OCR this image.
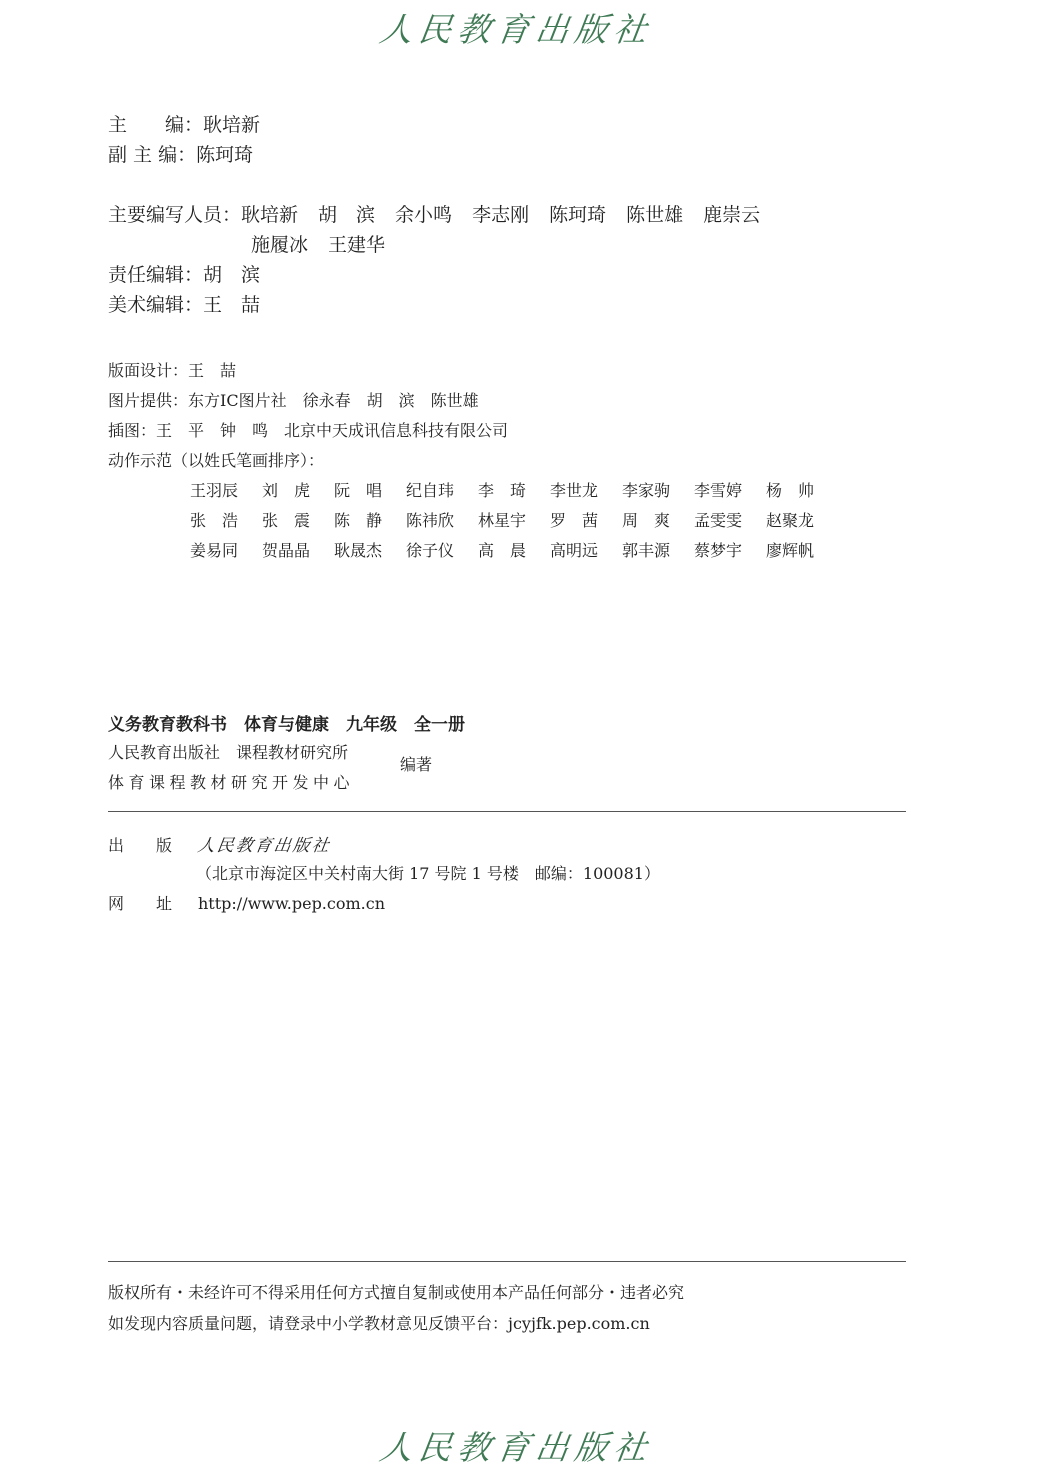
人民教育出版社
主　　编：耿培新
副 主 编：陈珂琦
主要编写人员：耿培新 胡　滨 余小鸣 李志刚 陈珂琦 陈世雄 鹿崇云
施履冰 王建华
责任编辑：胡　滨
美术编辑：王　喆
版面设计：王　喆
图片提供：东方IC图片社　徐永春　胡　滨　陈世雄
插图：王　平　钟　鸣　北京中天成讯信息科技有限公司
动作示范（以姓氏笔画排序）：
王羽辰 刘　虎 阮　唱 纪自玮 李　琦 李世龙 李家驹 李雪婷 杨　帅
张　浩 张　震 陈　静 陈祎欣 林星宇 罗　茜 周　爽 孟雯雯 赵聚龙
姜易同 贺晶晶 耿晟杰 徐子仪 高　晨 高明远 郭丰源 蔡梦宇 廖辉帆
义务教育教科书　体育与健康　九年级　全一册
人民教育出版社　课程教材研究所
体育课程教材研究开发中心
编著
出　　版 人民教育出版社
（北京市海淀区中关村南大街 17 号院 1 号楼　邮编：100081）
网　　址 http://www.pep.com.cn
版权所有・未经许可不得采用任何方式擅自复制或使用本产品任何部分・违者必究
如发现内容质量问题，请登录中小学教材意见反馈平台：jcyjfk.pep.com.cn
人民教育出版社
